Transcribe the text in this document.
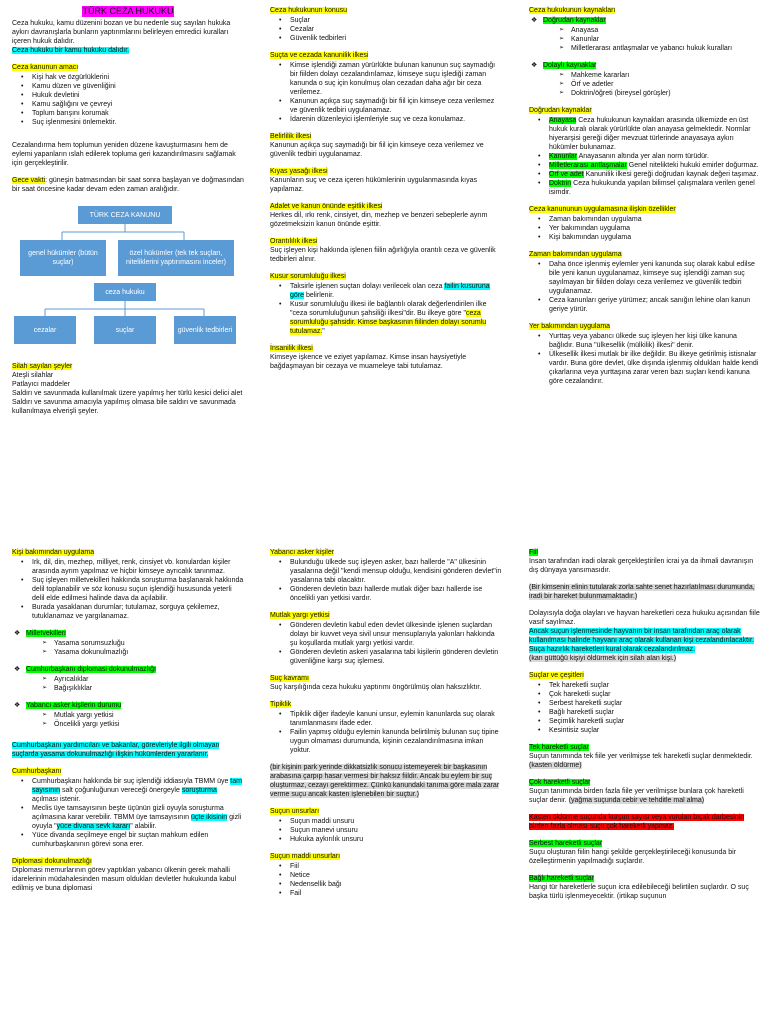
TÜRK CEZA HUKUKU

Ceza hukuku, kamu düzenini bozan ve bu nedenle suç sayılan hukuka aykırı davranışlarla bunların yaptırımlarını belirleyen emredici kuralları içeren hukuk dalıdır.

Ceza hukuku bir kamu hukuku dalıdır.

Ceza kanunun amacı

• Kişi hak ve özgürlüklerini
• Kamu düzen ve güvenliğini
• Hukuk devletini
• Kamu sağlığını ve çevreyi
• Toplum barışını korumak
• Suç işlenmesini önlemektir.

Cezalandırma hem toplumun yeniden düzene kavuşturmasını hem de eylemi yapanların ıslah edilerek topluma geri kazandırılmasını sağlamak için gerçekleştirilir.

Gece vakti: güneşin batmasından bir saat sonra başlayan ve doğmasından bir saat öncesine kadar devam eden zaman aralığıdır.

TÜRK CEZA KANUNU
genel hükümler (bütün suçlar)
özel hükümler (tek tek suçları, niteliklerini yaptırımasını inceler)
ceza hukuku
cezalar	suçlar	güvenlik tedbirleri

Silah sayılan şeyler

Ateşli silahlar

Patlayıcı maddeler

Saldırı ve savunmada kullanılmak üzere yapılmış her türlü kesici delici alet

Saldırı ve savunma amacıyla yapılmış olmasa bile saldırı ve savunmada kullanılmaya elverişli şeyler.

Ceza hukukunun konusu

• Suçlar
• Cezalar
• Güvenlik tedbirleri

Suçta ve cezada kanunilik ilkesi

• Kimse işlendiği zaman yürürlükte bulunan kanunun suç saymadığı bir fiilden dolayı cezalandırılamaz, kimseye suçu işlediği zaman kanunda o suç için konulmuş olan cezadan daha ağır bir ceza verilemez.
• Kanunun açıkça suç saymadığı bir fiil için kimseye ceza verilemez ve güvenlik tedbiri uygulanamaz.
• İdarenin düzenleyici işlemleriyle suç ve ceza konulamaz.

Belirlilik ilkesi

Kanunun açıkça suç saymadığı bir fiil için kimseye ceza verilemez ve güvenlik tedbiri uygulanamaz.

Kıyas yasağı ilkesi

Kanunların suç ve ceza içeren hükümlerinin uygulanmasında kıyas yapılamaz.

Adalet ve kanun önünde eşitlik ilkesi

Herkes dil, ırkı renk, cinsiyet, din, mezhep ve benzeri sebeplerle ayrım gözetmeksizin kanun önünde eşittir.

Orantılılık ilkesi

Suç işleyen kişi hakkında işlenen fiilin ağırlığıyla orantılı ceza ve güvenlik tedbirleri alınır.

Kusur sorumluluğu ilkesi

• Taksirle işlenen suçtan dolayı verilecek olan ceza failin kusuruna göre belirlenir.
• Kusur sorumluluğu ilkesi ile bağlantılı olarak değerlendirilen ilke "ceza sorumluluğunun şahsiliği ilkesi"dir. Bu ilkeye göre "ceza sorumluluğu şahsidir. Kimse başkasının fiilinden dolayı sorumlu tutulamaz."

İnsanilik ilkesi

Kimseye işkence ve eziyet yapılamaz. Kimse insan haysiyetiyle bağdaşmayan bir cezaya ve muameleye tabi tutulamaz.

Ceza hukukunun kaynakları

❖ Doğrudan kaynaklar
➢ Anayasa
➢ Kanunlar
➢ Milletlerarası antlaşmalar ve yabancı hukuk kuralları
❖ Dolaylı kaynaklar
➢ Mahkeme kararları
➢ Örf ve adetler
➢ Doktrin/öğreti (bireysel görüşler)

Doğrudan kaynaklar

• Anayasa Ceza hukukunun kaynakları arasında ülkemizde en üst hukuk kuralı olarak yürürlükte olan anayasa gelmektedir. Normlar hiyerarşisi gereği diğer mevzuat türlerinde anayasaya aykırı hükümler bulunamaz.
• Kanunlar Anayasanın altında yer alan norm türüdür.
• Milletlerarası antlaşmalar Genel nitelikteki hukuki emirler doğurmaz.
• Örf ve adet Kanunilik ilkesi gereği doğrudan kaynak değeri taşımaz.
• Doktrin Ceza hukukunda yapılan bilimsel çalışmalara verilen genel isimdir.

Ceza kanununun uygulamasına ilişkin özellikler

• Zaman bakımından uygulama
• Yer bakımından uygulama
• Kişi bakımından uygulama

Zaman bakımından uygulama

• Daha önce işlenmiş eylemler yeni kanunda suç olarak kabul edilse bile yeni kanun uygulanamaz, kimseye suç işlendiği zaman suç sayılmayan bir fiilden dolayı ceza verilemez ve güvenlik tedbiri uygulanamaz.
• Ceza kanunları geriye yürümez; ancak sanığın lehine olan kanun geriye yürür.

Yer bakımından uygulama

• Yurttaş veya yabancı ülkede suç işleyen her kişi ülke kanuna bağlıdır. Buna "ülkesellik (mülkilik) ilkesi" denir.
• Ülkesellik ilkesi mutlak bir ilke değildir. Bu ilkeye getirilmiş istisnalar vardır. Buna göre devlet, ülke dışında işlenmiş oldukları halde kendi çıkarlarına veya yurttaşına zarar veren bazı suçları kendi kanuna göre cezalandırır.

Kişi bakımından uygulama

• Irk, dil, din, mezhep, milliyet, renk, cinsiyet vb. konulardan kişiler arasında ayrım yapılmaz ve hiçbir kimseye ayrıcalık tanınmaz.
• Suç işleyen milletvekilleri hakkında soruşturma başlanarak hakkında delil toplanabilir ve söz konusu suçun işlendiği hususunda yeterli delil elde edilmesi halinde dava da açılabilir.
• Burada yasaklanan durumlar; tutulamaz, sorguya çekilemez, tutuklanamaz ve yargılanamaz.
❖ Milletvekilleri
➢ Yasama sorumsuzluğu
➢ Yasama dokunulmazlığı
❖ Cumhurbaşkanı diplomasi dokunulmazlığı
➢ Ayrıcalıklar
➢ Bağışıklıklar
❖ Yabancı asker kişilerin durumu
➢ Mutlak yargı yetkisi
➢ Öncelikli yargı yetkisi

Cumhurbaşkanı yardımcıları ve bakanlar, görevleriyle ilgili olmayan suçlarda yasama dokunulmazlığı ilişkin hükümlerden yararlanır.

Cumhurbaşkanı

• Cumhurbaşkanı hakkında bir suç işlendiği iddiasıyla TBMM üye tam sayısının salt çoğunluğunun vereceği önergeyle soruşturma açılması istenir.
• Meclis üye tamsayısının beşte üçünün gizli oyuyla soruşturma açılmasına karar verebilir. TBMM üye tamsayısının üçte ikisinin gizli oyuyla "yüce divana sevk kararı" alabilir.
• Yüce divanda seçilmeye engel bir suçtan mahkum edilen cumhurbaşkanının görevi sona erer.

Diplomasi dokunulmazlığı

Diplomasi memurlarının görev yaptıkları yabancı ülkenin gerek mahalli idarelerinin müdahalesinden masum oldukları devletler hukukunda kabul edilmiş ve buna diplomasi

Yabancı asker kişiler

• Bulunduğu ülkede suç işleyen asker, bazı hallerde "A" ülkesinin yasalarına değil "kendi mensup olduğu, kendisini gönderen devlet"in yasalarına tabi olacaktır.
• Gönderen devletin bazı hallerde mutlak diğer bazı hallerde ise öncelikli yarı yetkisi vardır.

Mutlak yargı yetkisi

• Gönderen devletin kabul eden devlet ülkesinde işlenen suçlardan dolayı bir kuvvet veya sivil unsur mensuplarıyla yakınları hakkında şu koşullarda mutlak yargı yetkisi vardır.
• Gönderen devletin askeri yasalarına tabi kişilerin gönderen devletin güvenliğine karşı suç işlemesi.

Suç kavramı

Suç karşılığında ceza hukuku yaptırımı öngörülmüş olan haksızlıktır.

Tipiklik

• Tipiklik diğer ifadeyle kanuni unsur, eylemin kanunlarda suç olarak tanımlanmasını ifade eder.
• Failin yapmış olduğu eylemin kanunda belirtilmiş bulunan suç tipine uygun olmaması durumunda, kişinin cezalandırılmasına imkan yoktur.

(bir kişinin park yerinde dikkatsizlik sonucu istemeyerek bir başkasının arabasına çarpıp hasar vermesi bir haksız fiildir. Ancak bu eylem bir suç oluşturmaz, cezayı gerektirmez. Çünkü kanundaki tanıma göre mala zarar verme suçu ancak kasten işlenebilen bir suçtur.)

Suçun unsurları

• Suçun maddi unsuru
• Suçun manevi unsuru
• Hukuka aykırılık unsuru

Suçun maddi unsurları

• Fiil
• Netice
• Nedensellik bağı
• Fail

Fiil

İnsan tarafından iradi olarak gerçekleştirilen icrai ya da ihmali davranışın dış dünyaya yansımasıdır.

(Bir kimsenin elinin tutularak zorla sahte senet hazırlatılması durumunda, iradi bir hareket bulunmamaktadır.)

Dolayısıyla doğa olayları ve hayvan hareketleri ceza hukuku açısından fiile vasıf sayılmaz.

Ancak suçun işlenmesinde hayvanın bir insan tarafından araç olarak kullanılması halinde hayvanı araç olarak kullanan kişi cezalandırılacaktır.

Suça hazırlık hareketleri kural olarak cezalandırılmaz.

(kan güttüğü kişiyi öldürmek için silah alan kişi.)

Suçlar ve çeşitleri

• Tek hareketli suçlar
• Çok hareketli suçlar
• Serbest hareketli suçlar
• Bağlı hareketli suçlar
• Seçimlik hareketli suçlar
• Kesintisiz suçlar

Tek hareketli suçlar

Suçun tanımında tek fiile yer verilmişse tek hareketli suçlar denmektedir. (kasten öldürme)

Çok hareketli suçlar

Suçun tanımında birden fazla fiile yer verilmişse bunlara çok hareketli suçlar denir. (yağma suçunda cebir ve tehditle mal alma)

Kasten öldürme suçunda kurşun sayısı veya vurulan bıçak darbesinin birden fazla olması suçu çok hareketli yapmaz.

Serbest hareketli suçlar

Suçu oluşturan fiilin hangi şekilde gerçekleştirileceği konusunda bir özelleştirmenin yapılmadığı suçlardır.

Bağlı hareketli suçlar

Hangi tür hareketlerle suçun icra edilebileceği belirtilen suçlardır. O suç başka türlü işlenmeyecektir. (irtikap suçunun
